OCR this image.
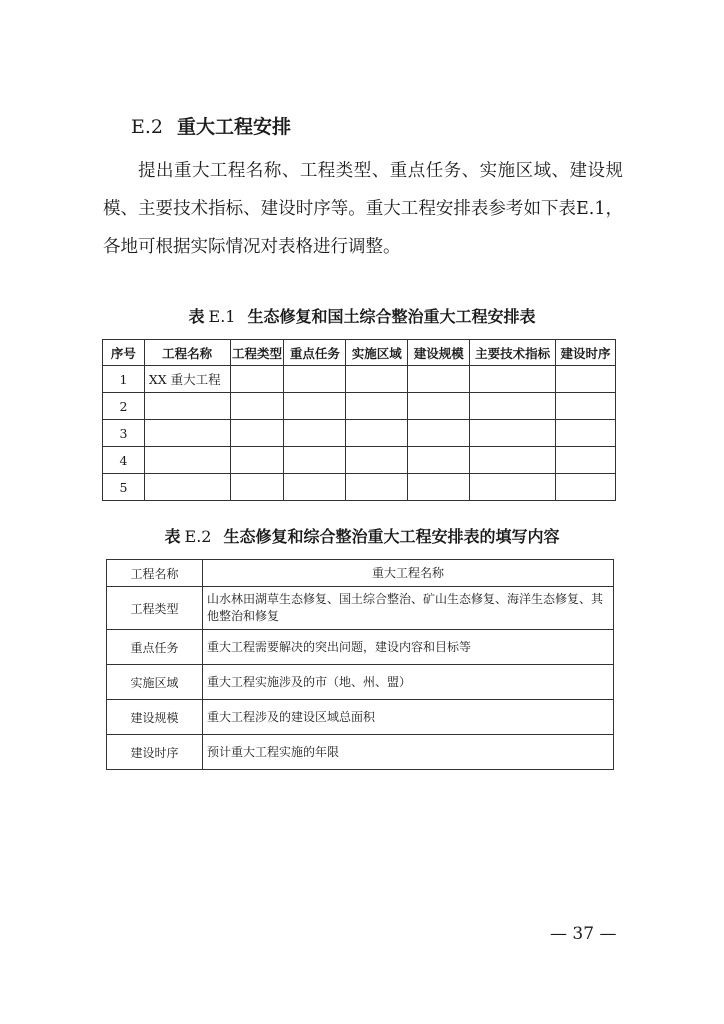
E.2 重大工程安排

提出重大工程名称、工程类型、重点任务、实施区域、建设规模、主要技术指标、建设时序等。重大工程安排表参考如下表E.1，各地可根据实际情况对表格进行调整。

表 E.1 生态修复和国土综合整治重大工程安排表
序号	工程名称	工程类型	重点任务	实施区域	建设规模	主要技术指标	建设时序
1	XX 重大工程						
2							
3							
4							
5							
表 E.2 生态修复和综合整治重大工程安排表的填写内容
工程名称	重大工程名称
工程类型	山水林田湖草生态修复、国土综合整治、矿山生态修复、海洋生态修复、其他整治和修复
重点任务	重大工程需要解决的突出问题，建设内容和目标等
实施区域	重大工程实施涉及的市（地、州、盟）
建设规模	重大工程涉及的建设区域总面积
建设时序	预计重大工程实施的年限
— 37 —
